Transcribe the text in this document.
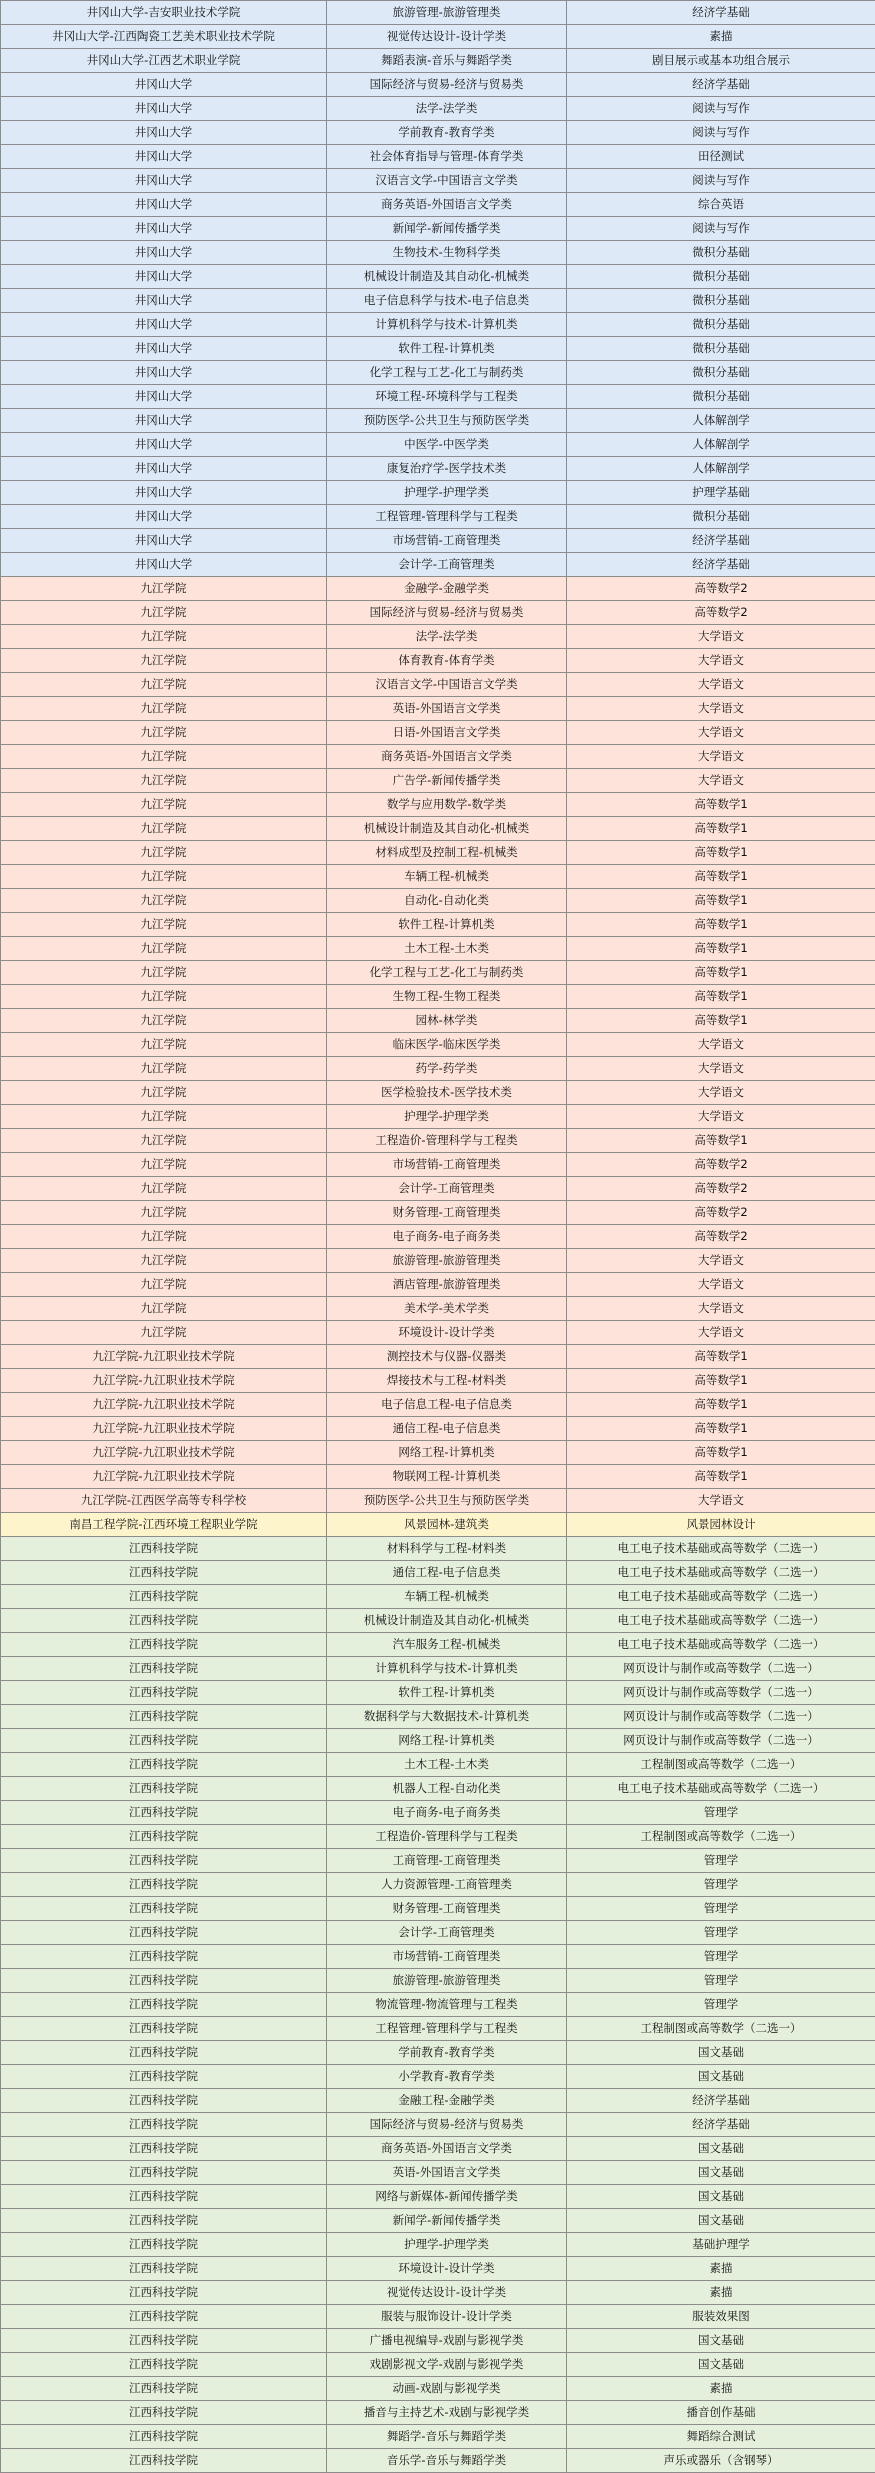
井冈山大学-吉安职业技术学院	旅游管理-旅游管理类	经济学基础
井冈山大学-江西陶瓷工艺美术职业技术学院	视觉传达设计-设计学类	素描
井冈山大学-江西艺术职业学院	舞蹈表演-音乐与舞蹈学类	剧目展示或基本功组合展示
井冈山大学	国际经济与贸易-经济与贸易类	经济学基础
井冈山大学	法学-法学类	阅读与写作
井冈山大学	学前教育-教育学类	阅读与写作
井冈山大学	社会体育指导与管理-体育学类	田径测试
井冈山大学	汉语言文学-中国语言文学类	阅读与写作
井冈山大学	商务英语-外国语言文学类	综合英语
井冈山大学	新闻学-新闻传播学类	阅读与写作
井冈山大学	生物技术-生物科学类	微积分基础
井冈山大学	机械设计制造及其自动化-机械类	微积分基础
井冈山大学	电子信息科学与技术-电子信息类	微积分基础
井冈山大学	计算机科学与技术-计算机类	微积分基础
井冈山大学	软件工程-计算机类	微积分基础
井冈山大学	化学工程与工艺-化工与制药类	微积分基础
井冈山大学	环境工程-环境科学与工程类	微积分基础
井冈山大学	预防医学-公共卫生与预防医学类	人体解剖学
井冈山大学	中医学-中医学类	人体解剖学
井冈山大学	康复治疗学-医学技术类	人体解剖学
井冈山大学	护理学-护理学类	护理学基础
井冈山大学	工程管理-管理科学与工程类	微积分基础
井冈山大学	市场营销-工商管理类	经济学基础
井冈山大学	会计学-工商管理类	经济学基础
九江学院	金融学-金融学类	高等数学2
九江学院	国际经济与贸易-经济与贸易类	高等数学2
九江学院	法学-法学类	大学语文
九江学院	体育教育-体育学类	大学语文
九江学院	汉语言文学-中国语言文学类	大学语文
九江学院	英语-外国语言文学类	大学语文
九江学院	日语-外国语言文学类	大学语文
九江学院	商务英语-外国语言文学类	大学语文
九江学院	广告学-新闻传播学类	大学语文
九江学院	数学与应用数学-数学类	高等数学1
九江学院	机械设计制造及其自动化-机械类	高等数学1
九江学院	材料成型及控制工程-机械类	高等数学1
九江学院	车辆工程-机械类	高等数学1
九江学院	自动化-自动化类	高等数学1
九江学院	软件工程-计算机类	高等数学1
九江学院	土木工程-土木类	高等数学1
九江学院	化学工程与工艺-化工与制药类	高等数学1
九江学院	生物工程-生物工程类	高等数学1
九江学院	园林-林学类	高等数学1
九江学院	临床医学-临床医学类	大学语文
九江学院	药学-药学类	大学语文
九江学院	医学检验技术-医学技术类	大学语文
九江学院	护理学-护理学类	大学语文
九江学院	工程造价-管理科学与工程类	高等数学1
九江学院	市场营销-工商管理类	高等数学2
九江学院	会计学-工商管理类	高等数学2
九江学院	财务管理-工商管理类	高等数学2
九江学院	电子商务-电子商务类	高等数学2
九江学院	旅游管理-旅游管理类	大学语文
九江学院	酒店管理-旅游管理类	大学语文
九江学院	美术学-美术学类	大学语文
九江学院	环境设计-设计学类	大学语文
九江学院-九江职业技术学院	测控技术与仪器-仪器类	高等数学1
九江学院-九江职业技术学院	焊接技术与工程-材料类	高等数学1
九江学院-九江职业技术学院	电子信息工程-电子信息类	高等数学1
九江学院-九江职业技术学院	通信工程-电子信息类	高等数学1
九江学院-九江职业技术学院	网络工程-计算机类	高等数学1
九江学院-九江职业技术学院	物联网工程-计算机类	高等数学1
九江学院-江西医学高等专科学校	预防医学-公共卫生与预防医学类	大学语文
南昌工程学院-江西环境工程职业学院	风景园林-建筑类	风景园林设计
江西科技学院	材料科学与工程-材料类	电工电子技术基础或高等数学（二选一）
江西科技学院	通信工程-电子信息类	电工电子技术基础或高等数学（二选一）
江西科技学院	车辆工程-机械类	电工电子技术基础或高等数学（二选一）
江西科技学院	机械设计制造及其自动化-机械类	电工电子技术基础或高等数学（二选一）
江西科技学院	汽车服务工程-机械类	电工电子技术基础或高等数学（二选一）
江西科技学院	计算机科学与技术-计算机类	网页设计与制作或高等数学（二选一）
江西科技学院	软件工程-计算机类	网页设计与制作或高等数学（二选一）
江西科技学院	数据科学与大数据技术-计算机类	网页设计与制作或高等数学（二选一）
江西科技学院	网络工程-计算机类	网页设计与制作或高等数学（二选一）
江西科技学院	土木工程-土木类	工程制图或高等数学（二选一）
江西科技学院	机器人工程-自动化类	电工电子技术基础或高等数学（二选一）
江西科技学院	电子商务-电子商务类	管理学
江西科技学院	工程造价-管理科学与工程类	工程制图或高等数学（二选一）
江西科技学院	工商管理-工商管理类	管理学
江西科技学院	人力资源管理-工商管理类	管理学
江西科技学院	财务管理-工商管理类	管理学
江西科技学院	会计学-工商管理类	管理学
江西科技学院	市场营销-工商管理类	管理学
江西科技学院	旅游管理-旅游管理类	管理学
江西科技学院	物流管理-物流管理与工程类	管理学
江西科技学院	工程管理-管理科学与工程类	工程制图或高等数学（二选一）
江西科技学院	学前教育-教育学类	国文基础
江西科技学院	小学教育-教育学类	国文基础
江西科技学院	金融工程-金融学类	经济学基础
江西科技学院	国际经济与贸易-经济与贸易类	经济学基础
江西科技学院	商务英语-外国语言文学类	国文基础
江西科技学院	英语-外国语言文学类	国文基础
江西科技学院	网络与新媒体-新闻传播学类	国文基础
江西科技学院	新闻学-新闻传播学类	国文基础
江西科技学院	护理学-护理学类	基础护理学
江西科技学院	环境设计-设计学类	素描
江西科技学院	视觉传达设计-设计学类	素描
江西科技学院	服装与服饰设计-设计学类	服装效果图
江西科技学院	广播电视编导-戏剧与影视学类	国文基础
江西科技学院	戏剧影视文学-戏剧与影视学类	国文基础
江西科技学院	动画-戏剧与影视学类	素描
江西科技学院	播音与主持艺术-戏剧与影视学类	播音创作基础
江西科技学院	舞蹈学-音乐与舞蹈学类	舞蹈综合测试
江西科技学院	音乐学-音乐与舞蹈学类	声乐或器乐（含钢琴）
